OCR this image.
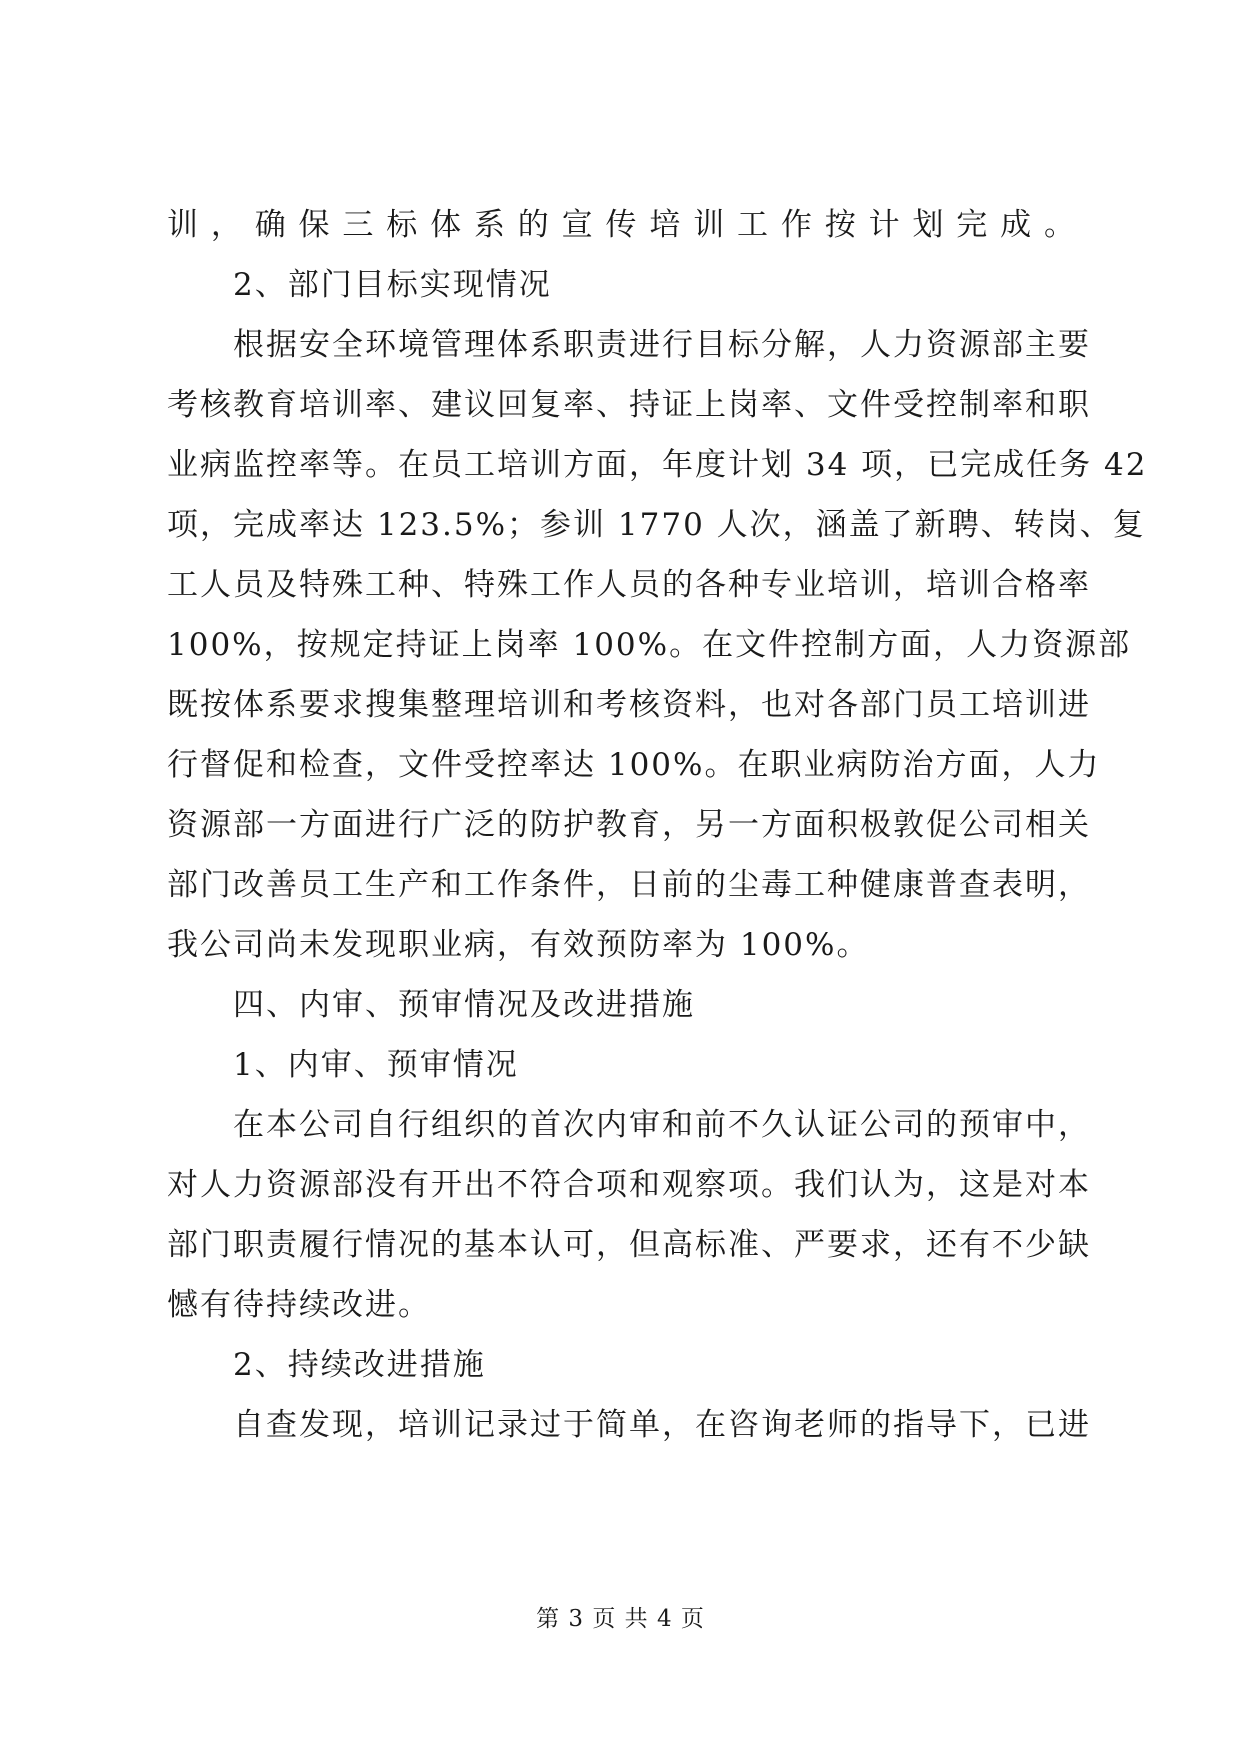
训，确保三标体系的宣传培训工作按计划完成。
2、部门目标实现情况
根据安全环境管理体系职责进行目标分解，人力资源部主要
考核教育培训率、建议回复率、持证上岗率、文件受控制率和职
业病监控率等。在员工培训方面，年度计划 34 项，已完成任务 42
项，完成率达 123.5%；参训 1770 人次，涵盖了新聘、转岗、复
工人员及特殊工种、特殊工作人员的各种专业培训，培训合格率
100%，按规定持证上岗率 100%。在文件控制方面，人力资源部
既按体系要求搜集整理培训和考核资料，也对各部门员工培训进
行督促和检查，文件受控率达 100%。在职业病防治方面，人力
资源部一方面进行广泛的防护教育，另一方面积极敦促公司相关
部门改善员工生产和工作条件，日前的尘毒工种健康普查表明，
我公司尚未发现职业病，有效预防率为 100%。
四、内审、预审情况及改进措施
1、内审、预审情况
在本公司自行组织的首次内审和前不久认证公司的预审中，
对人力资源部没有开出不符合项和观察项。我们认为，这是对本
部门职责履行情况的基本认可，但高标准、严要求，还有不少缺
憾有待持续改进。
2、持续改进措施
自查发现，培训记录过于简单，在咨询老师的指导下，已进
第 3 页 共 4 页
